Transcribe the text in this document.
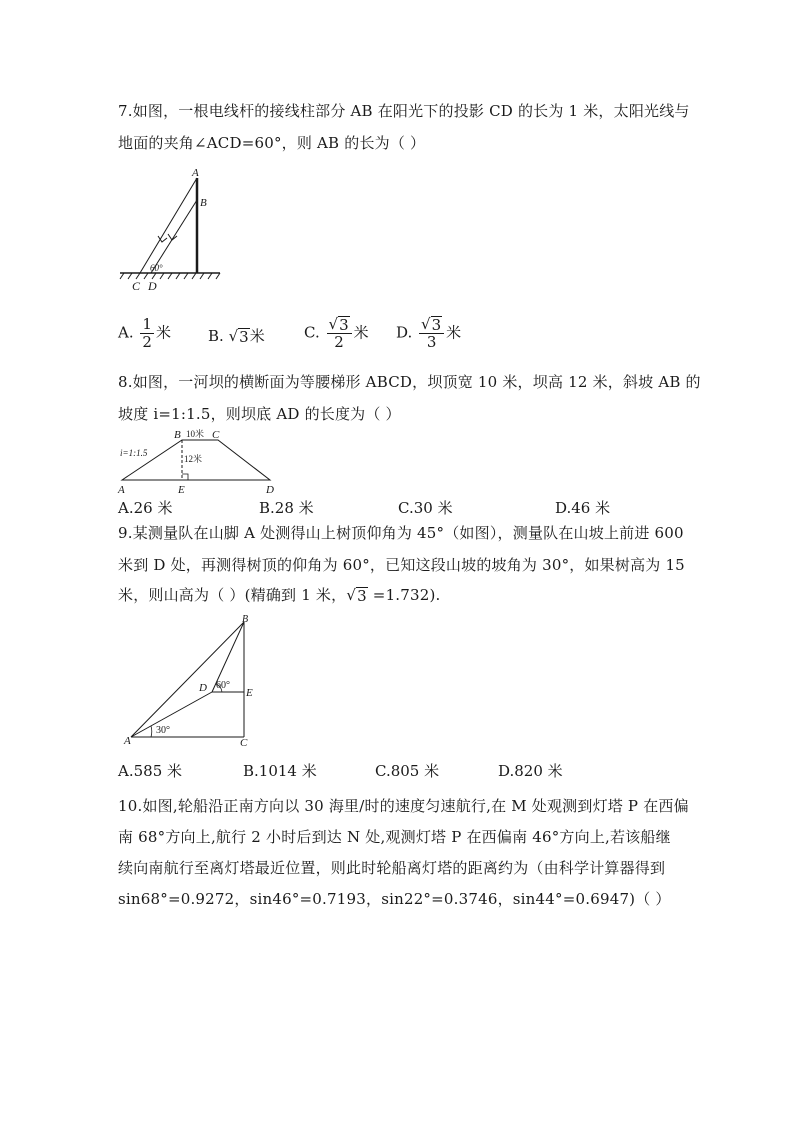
7.如图，一根电线杆的接线柱部分 AB 在阳光下的投影 CD 的长为 1 米，太阳光线与
地面的夹角∠ACD=60°，则 AB 的长为（ ）
A
B
C D
60°
A. $\frac{1}{2}$ 米 B. √ 3 米	C. $\frac{√ 3}{2}$ 米 D. $\frac{√ 3}{3}$ 米
8.如图，一河坝的横断面为等腰梯形 ABCD，坝顶宽 10 米，坝高 12 米，斜坡 AB 的
坡度 i=1:1.5，则坝底 AD 的长度为（ ）
A
B	C
D
E
10米
12米
i=1:1.5
A.26 米	B.28 米	C.30 米	D.46 米
9.某测量队在山脚 A 处测得山上树顶仰角为 45°（如图），测量队在山坡上前进 600
米到 D 处，再测得树顶的仰角为 60°，已知这段山坡的坡角为 30°，如果树高为 15
米，则山高为（ ）(精确到 1 米， √ 3 =1.732).
A
B
C
D	E
60°
30°
A.585 米	B.1014 米	C.805 米	D.820 米
10.如图,轮船沿正南方向以 30 海里/时的速度匀速航行,在 M 处观测到灯塔 P 在西偏
南 68°方向上,航行 2 小时后到达 N 处,观测灯塔 P 在西偏南 46°方向上,若该船继
续向南航行至离灯塔最近位置，则此时轮船离灯塔的距离约为（由科学计算器得到
sin68°=0.9272，sin46°=0.7193，sin22°=0.3746，sin44°=0.6947)（ ）
